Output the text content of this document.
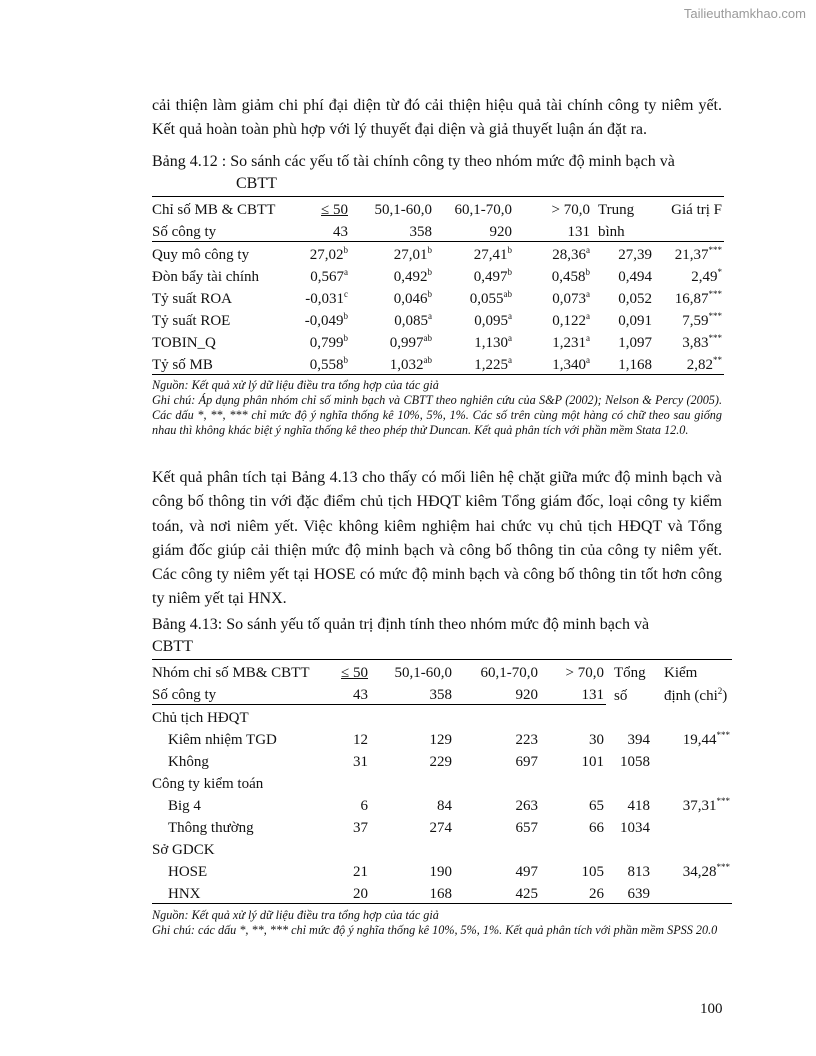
Tailieuthamkhao.com

cải thiện làm giảm chi phí đại diện từ đó cải thiện hiệu quả tài chính công ty niêm yết. Kết quả hoàn toàn phù hợp với lý thuyết đại diện và giả thuyết luận án đặt ra.

Bảng 4.12 : So sánh các yếu tố tài chính công ty theo nhóm mức độ minh bạch và
CBTT

Chỉ số MB & CBTT	≤ 50	50,1-60,0	60,1-70,0	> 70,0	Trung	Giá trị F
Số công ty	43	358	920	131	bình	
Quy mô công ty	27,02$^b$	27,01$^b$	27,41$^b$	28,36$^a$	27,39	21,37***
Đòn bẩy tài chính	0,567$^a$	0,492$^b$	0,497$^b$	0,458$^b$	0,494	2,49*
Tỷ suất ROA	-0,031$^c$	0,046$^b$	0,055$^{ab}$	0,073$^a$	0,052	16,87***
Tỷ suất ROE	-0,049$^b$	0,085$^a$	0,095$^a$	0,122$^a$	0,091	7,59***
TOBIN_Q	0,799$^b$	0,997$^{ab}$	1,130$^a$	1,231$^a$	1,097	3,83***
Tỷ số MB	0,558$^b$	1,032$^{ab}$	1,225$^a$	1,340$^a$	1,168	2,82**

Nguồn: Kết quả xử lý dữ liệu điều tra tổng hợp của tác giả
Ghi chú: Áp dụng phân nhóm chỉ số minh bạch và CBTT theo nghiên cứu của S&P (2002); Nelson & Percy (2005). Các dấu *, **, *** chỉ mức độ ý nghĩa thống kê 10%, 5%, 1%. Các số trên cùng một hàng có chữ theo sau giống nhau thì không khác biệt ý nghĩa thống kê theo phép thử Duncan. Kết quả phân tích với phần mềm Stata 12.0.

Kết quả phân tích tại Bảng 4.13 cho thấy có mối liên hệ chặt giữa mức độ minh bạch và công bố thông tin với đặc điểm chủ tịch HĐQT kiêm Tổng giám đốc, loại công ty kiểm toán, và nơi niêm yết. Việc không kiêm nghiệm hai chức vụ chủ tịch HĐQT và Tổng giám đốc giúp cải thiện mức độ minh bạch và công bố thông tin của công ty niêm yết. Các công ty niêm yết tại HOSE có mức độ minh bạch và công bố thông tin tốt hơn công ty niêm yết tại HNX.

Bảng 4.13: So sánh yếu tố quản trị định tính theo nhóm mức độ minh bạch và
CBTT

Nhóm chỉ số MB& CBTT	≤ 50	50,1-60,0	60,1-70,0	> 70,0	Tổng	Kiểm
Số công ty	43	358	920	131	số	định (chi$^2$)
Chủ tịch HĐQT						
Kiêm nhiệm TGD	12	129	223	30	394	19,44***
Không	31	229	697	101	1058	
Công ty kiểm toán						
Big 4	6	84	263	65	418	37,31***
Thông thường	37	274	657	66	1034	
Sở GDCK						
HOSE	21	190	497	105	813	34,28***
HNX	20	168	425	26	639	

Nguồn: Kết quả xử lý dữ liệu điều tra tổng hợp của tác giả
Ghi chú: các dấu *, **, *** chỉ mức độ ý nghĩa thống kê 10%, 5%, 1%. Kết quả phân tích với phần mềm SPSS 20.0

100
